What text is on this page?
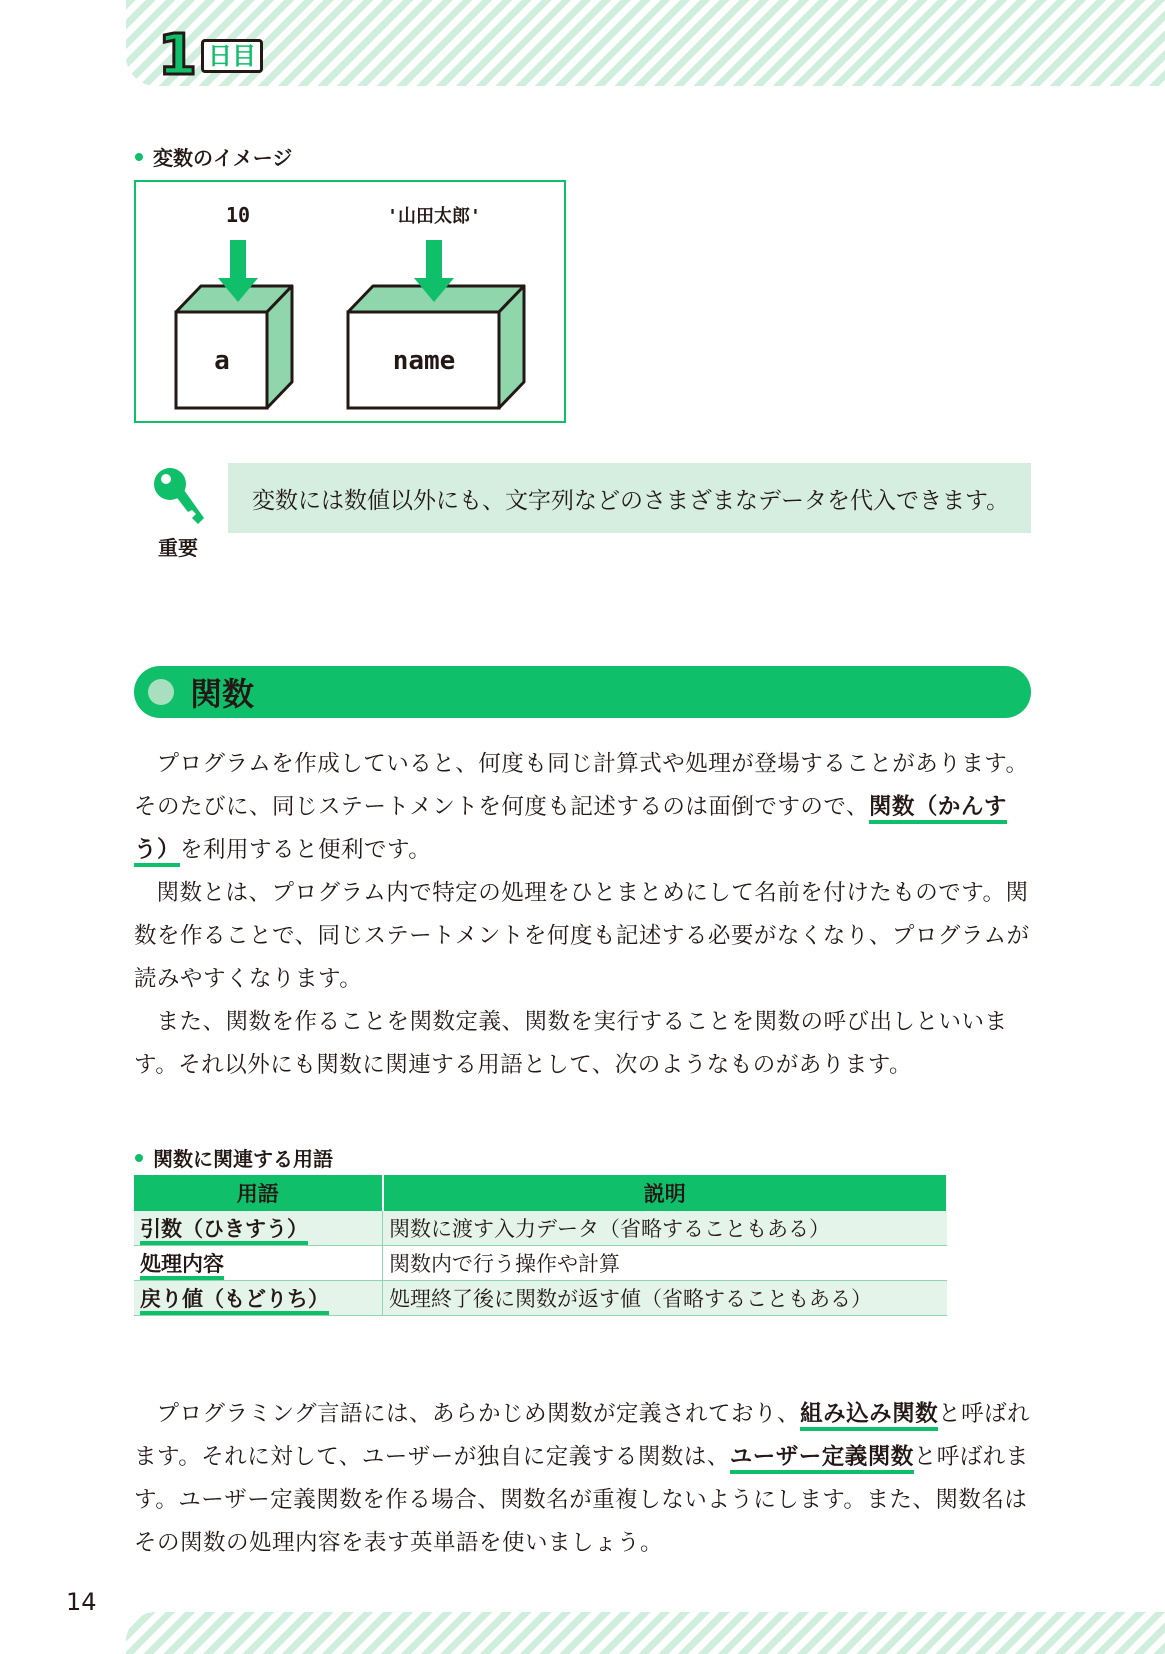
1 日目
変数のイメージ
10	'山田太郎'
a	name
重要
変数には数値以外にも、文字列などのさまざまなデータを代入できます。
関数

プログラムを作成していると、何度も同じ計算式や処理が登場することがあります。そのたびに、同じステートメントを何度も記述するのは面倒ですので、関数（かんすう）を利用すると便利です。

関数とは、プログラム内で特定の処理をひとまとめにして名前を付けたものです。関数を作ることで、同じステートメントを何度も記述する必要がなくなり、プログラムが読みやすくなります。

また、関数を作ることを関数定義、関数を実行することを関数の呼び出しといいます。それ以外にも関数に関連する用語として、次のようなものがあります。

関数に関連する用語
用語	説明
引数（ひきすう）	関数に渡す入力データ（省略することもある）
処理内容	関数内で行う操作や計算
戻り値（もどりち）	処理終了後に関数が返す値（省略することもある）

プログラミング言語には、あらかじめ関数が定義されており、組み込み関数と呼ばれます。それに対して、ユーザーが独自に定義する関数は、ユーザー定義関数と呼ばれます。ユーザー定義関数を作る場合、関数名が重複しないようにします。また、関数名はその関数の処理内容を表す英単語を使いましょう。

14
